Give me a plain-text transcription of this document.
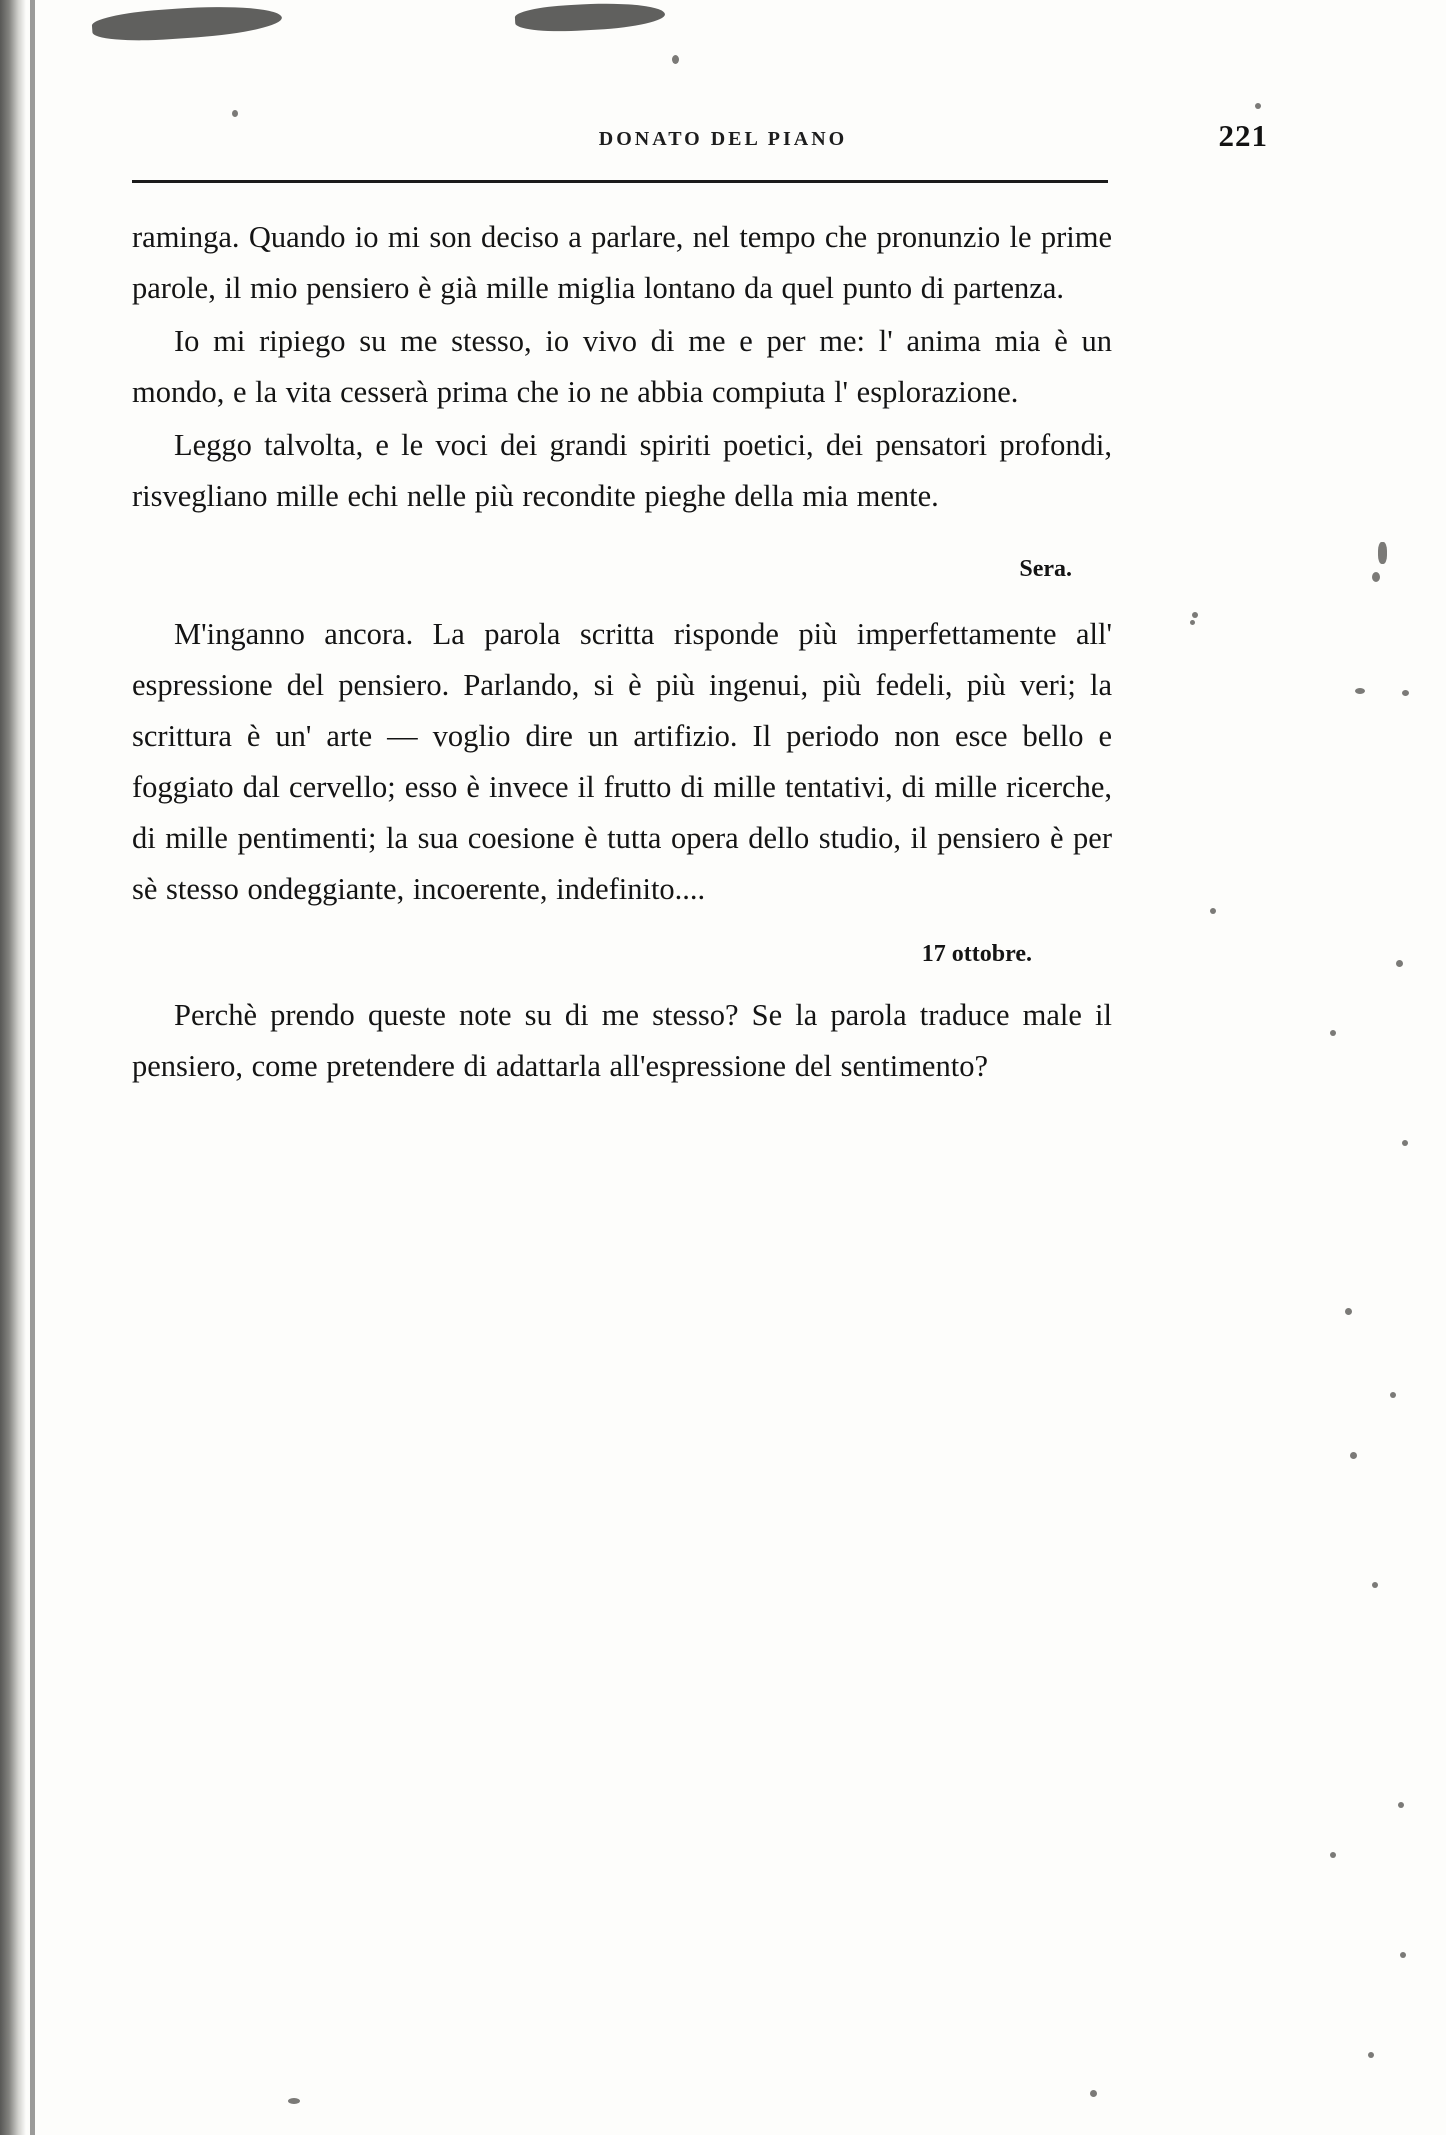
DONATO DEL PIANO	221

raminga. Quando io mi son deciso a parlare, nel tempo che pronunzio le prime parole, il mio pensiero è già mille miglia lontano da quel punto di partenza.

Io mi ripiego su me stesso, io vivo di me e per me: l' anima mia è un mondo, e la vita cesserà prima che io ne abbia compiuta l' esplorazione.

Leggo talvolta, e le voci dei grandi spiriti poetici, dei pensatori profondi, risvegliano mille echi nelle più recondite pieghe della mia mente.

Sera.

M'inganno ancora. La parola scritta risponde più imperfettamente all' espressione del pensiero. Parlando, si è più ingenui, più fedeli, più veri; la scrittura è un' arte — voglio dire un artifizio. Il periodo non esce bello e foggiato dal cervello; esso è invece il frutto di mille tentativi, di mille ricerche, di mille pentimenti; la sua coesione è tutta opera dello studio, il pensiero è per sè stesso ondeggiante, incoerente, indefinito....

17 ottobre.

Perchè prendo queste note su di me stesso? Se la parola traduce male il pensiero, come pretendere di adattarla all'espressione del sentimento?
